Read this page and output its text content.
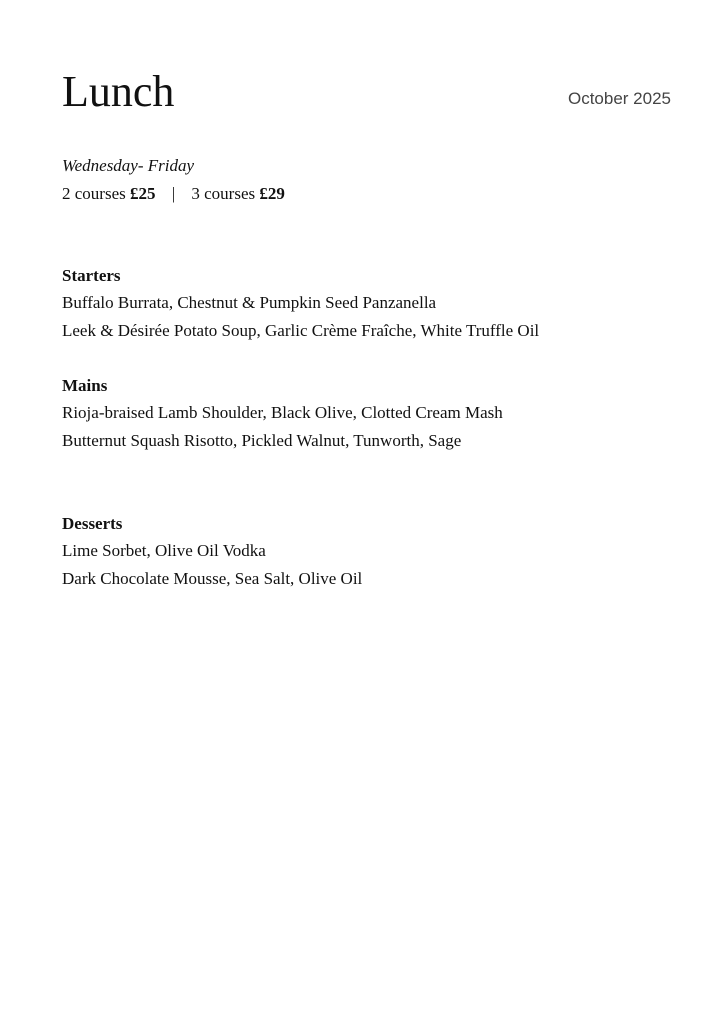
Lunch	October 2025
Wednesday- Friday
2 courses £25 | 3 courses £29
Starters
Buffalo Burrata, Chestnut & Pumpkin Seed Panzanella
Leek & Désirée Potato Soup, Garlic Crème Fraîche, White Truffle Oil
Mains
Rioja-braised Lamb Shoulder, Black Olive, Clotted Cream Mash
Butternut Squash Risotto, Pickled Walnut, Tunworth, Sage
Desserts
Lime Sorbet, Olive Oil Vodka
Dark Chocolate Mousse, Sea Salt, Olive Oil
